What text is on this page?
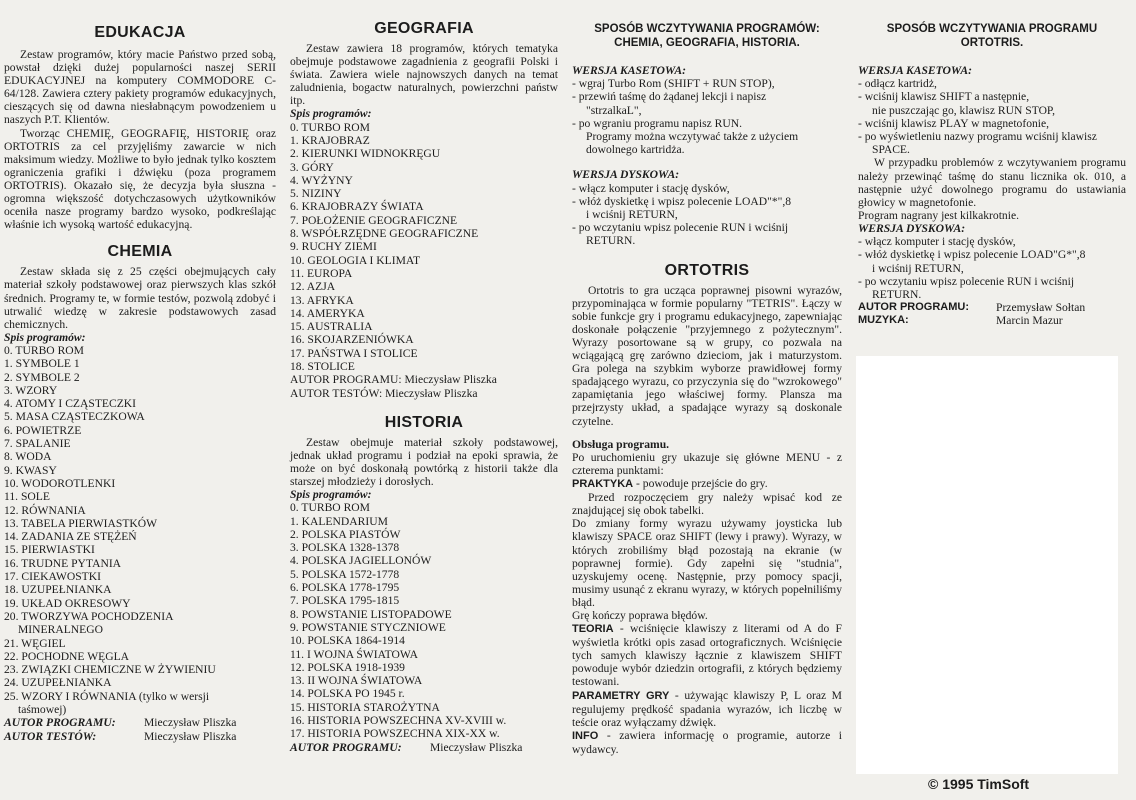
EDUKACJA

Zestaw programów, który macie Państwo przed sobą, powstał dzięki dużej popularności naszej SERII EDUKACYJNEJ na komputery COMMODORE C-64/128. Zawiera cztery pakiety programów edukacyjnych, cieszących się od dawna niesłabnącym powodzeniem u naszych P.T. Klientów.

Tworząc CHEMIĘ, GEOGRAFIĘ, HISTORIĘ oraz ORTOTRIS za cel przyjęliśmy zawarcie w nich maksimum wiedzy. Możliwe to było jednak tylko kosztem ograniczenia grafiki i dźwięku (poza programem ORTOTRIS). Okazało się, że decyzja była słuszna - ogromna większość dotychczasowych użytkowników oceniła nasze programy bardzo wysoko, podkreślając właśnie ich wysoką wartość edukacyjną.

CHEMIA

Zestaw składa się z 25 części obejmujących cały materiał szkoły podstawowej oraz pierwszych klas szkół średnich. Programy te, w formie testów, pozwolą zdobyć i utrwalić wiedzę w zakresie podstawowych zasad chemicznych.

Spis programów:
0. TURBO ROM
1. SYMBOLE 1
2. SYMBOLE 2
3. WZORY
4. ATOMY I CZĄSTECZKI
5. MASA CZĄSTECZKOWA
6. POWIETRZE
7. SPALANIE
8. WODA
9. KWASY
10. WODOROTLENKI
11. SOLE
12. RÓWNANIA
13. TABELA PIERWIASTKÓW
14. ZADANIA ZE STĘŻEŃ
15. PIERWIASTKI
16. TRUDNE PYTANIA
17. CIEKAWOSTKI
18. UZUPEŁNIANKA
19. UKŁAD OKRESOWY
20. TWORZYWA POCHODZENIA
MINERALNEGO
21. WĘGIEL
22. POCHODNE WĘGLA
23. ZWIĄZKI CHEMICZNE W ŻYWIENIU
24. UZUPEŁNIANKA
25. WZORY I RÓWNANIA (tylko w wersji
taśmowej)
AUTOR PROGRAMU:	Mieczysław Pliszka
AUTOR TESTÓW:	Mieczysław Pliszka
GEOGRAFIA

Zestaw zawiera 18 programów, których tematyka obejmuje podstawowe zagadnienia z geografii Polski i świata. Zawiera wiele najnowszych danych na temat zaludnienia, bogactw naturalnych, powierzchni państw itp.

Spis programów:
0. TURBO ROM
1. KRAJOBRAZ
2. KIERUNKI WIDNOKRĘGU
3. GÓRY
4. WYŻYNY
5. NIZINY
6. KRAJOBRAZY ŚWIATA
7. POŁOŻENIE GEOGRAFICZNE
8. WSPÓŁRZĘDNE GEOGRAFICZNE
9. RUCHY ZIEMI
10. GEOLOGIA I KLIMAT
11. EUROPA
12. AZJA
13. AFRYKA
14. AMERYKA
15. AUSTRALIA
16. SKOJARZENIÓWKA
17. PAŃSTWA I STOLICE
18. STOLICE
AUTOR PROGRAMU: Mieczysław Pliszka
AUTOR TESTÓW: Mieczysław Pliszka
HISTORIA

Zestaw obejmuje materiał szkoły podstawowej, jednak układ programu i podział na epoki sprawia, że może on być doskonałą powtórką z historii także dla starszej młodzieży i dorosłych.

Spis programów:
0. TURBO ROM
1. KALENDARIUM
2. POLSKA PIASTÓW
3. POLSKA 1328-1378
4. POLSKA JAGIELLONÓW
5. POLSKA 1572-1778
6. POLSKA 1778-1795
7. POLSKA 1795-1815
8. POWSTANIE LISTOPADOWE
9. POWSTANIE STYCZNIOWE
10. POLSKA 1864-1914
11. I WOJNA ŚWIATOWA
12. POLSKA 1918-1939
13. II WOJNA ŚWIATOWA
14. POLSKA PO 1945 r.
15. HISTORIA STAROŻYTNA
16. HISTORIA POWSZECHNA XV-XVIII w.
17. HISTORIA POWSZECHNA XIX-XX w.
AUTOR PROGRAMU:	Mieczysław Pliszka
SPOSÓB WCZYTYWANIA PROGRAMÓW:
CHEMIA, GEOGRAFIA, HISTORIA.
WERSJA KASETOWA:
- wgraj Turbo Rom (SHIFT + RUN STOP),
- przewiń taśmę do żądanej lekcji i napisz
"strzalkaL",
- po wgraniu programu napisz RUN.
Programy można wczytywać także z użyciem
dowolnego kartridża.
WERSJA DYSKOWA:
- włącz komputer i stację dysków,
- włóż dyskietkę i wpisz polecenie LOAD"*",8
i wciśnij RETURN,
- po wczytaniu wpisz polecenie RUN i wciśnij
RETURN.
ORTOTRIS

Ortotris to gra ucząca poprawnej pisowni wyrazów, przypominająca w formie popularny "TETRIS". Łączy w sobie funkcje gry i programu edukacyjnego, zapewniając doskonałe połączenie "przyjemnego z pożytecznym". Wyrazy posortowane są w grupy, co pozwala na wciągającą grę zarówno dzieciom, jak i maturzystom. Gra polega na szybkim wyborze prawidłowej formy spadającego wyrazu, co przyczynia się do "wzrokowego" zapamiętania jego właściwej formy. Plansza ma przejrzysty układ, a spadające wyrazy są doskonale czytelne.

Obsługa programu.

Po uruchomieniu gry ukazuje się główne MENU - z czterema punktami:

PRAKTYKA - powoduje przejście do gry.

Przed rozpoczęciem gry należy wpisać kod ze znajdującej się obok tabelki.

Do zmiany formy wyrazu używamy joysticka lub klawiszy SPACE oraz SHIFT (lewy i prawy). Wyrazy, w których zrobiliśmy błąd pozostają na ekranie (w poprawnej formie). Gdy zapełni się "studnia", uzyskujemy ocenę. Następnie, przy pomocy spacji, musimy usunąć z ekranu wyrazy, w których popełniliśmy błąd.

Grę kończy poprawa błędów.

TEORIA - wciśnięcie klawiszy z literami od A do F wyświetla krótki opis zasad ortograficznych. Wciśnięcie tych samych klawiszy łącznie z klawiszem SHIFT powoduje wybór dziedzin ortografii, z których będziemy testowani.

PARAMETRY GRY - używając klawiszy P, L oraz M regulujemy prędkość spadania wyrazów, ich liczbę w teście oraz wyłączamy dźwięk.

INFO - zawiera informację o programie, autorze i wydawcy.

SPOSÓB WCZYTYWANIA PROGRAMU
ORTOTRIS.
WERSJA KASETOWA:
- odłącz kartridż,
- wciśnij klawisz SHIFT a następnie,
nie puszczając go, klawisz RUN STOP,
- wciśnij klawisz PLAY w magnetofonie,
- po wyświetleniu nazwy programu wciśnij klawisz
SPACE.

W przypadku problemów z wczytywaniem programu należy przewinąć taśmę do stanu licznika ok. 010, a następnie użyć dowolnego programu do ustawiania głowicy w magnetofonie.

Program nagrany jest kilkakrotnie.
WERSJA DYSKOWA:
- włącz komputer i stację dysków,
- włóż dyskietkę i wpisz polecenie LOAD"G*",8
i wciśnij RETURN,
- po wczytaniu wpisz polecenie RUN i wciśnij
RETURN.
AUTOR PROGRAMU:	Przemysław Sołtan
MUZYKA:	Marcin Mazur
© 1995 TimSoft
